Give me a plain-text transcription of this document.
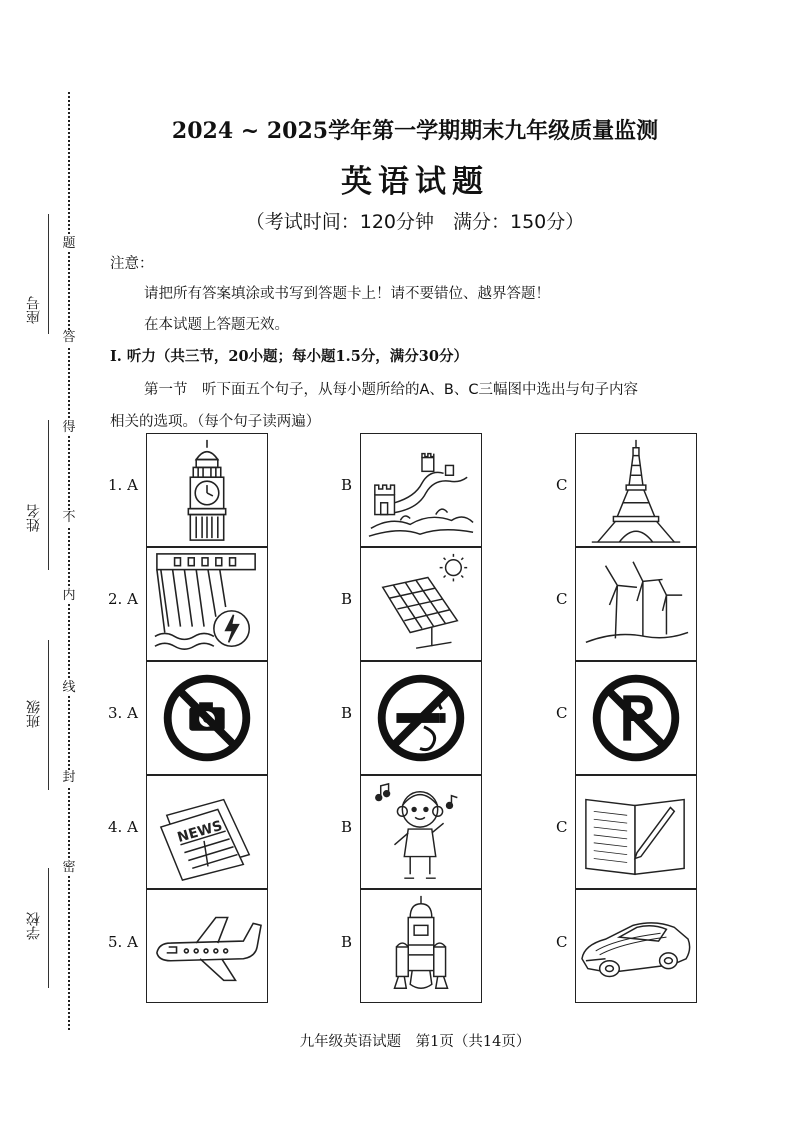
学校
班级
姓名
座号
密
封
线
内
不
得
答
题
2024 ~ 2025学年第一学期期末九年级质量监测
英语试题
（考试时间：120分钟　满分：150分）
注意：
请把所有答案填涂或书写到答题卡上！请不要错位、越界答题！
在本试题上答题无效。
I. 听力（共三节，20小题；每小题1.5分，满分30分）
第一节　听下面五个句子，从每小题所给的A、B、C三幅图中选出与句子内容
相关的选项。（每个句子读两遍）
1. A	B	C
2. A	B	C
3. A	B	C
4. A	B	C
NEWS
5. A	B	C
九年级英语试题　第1页（共14页）
